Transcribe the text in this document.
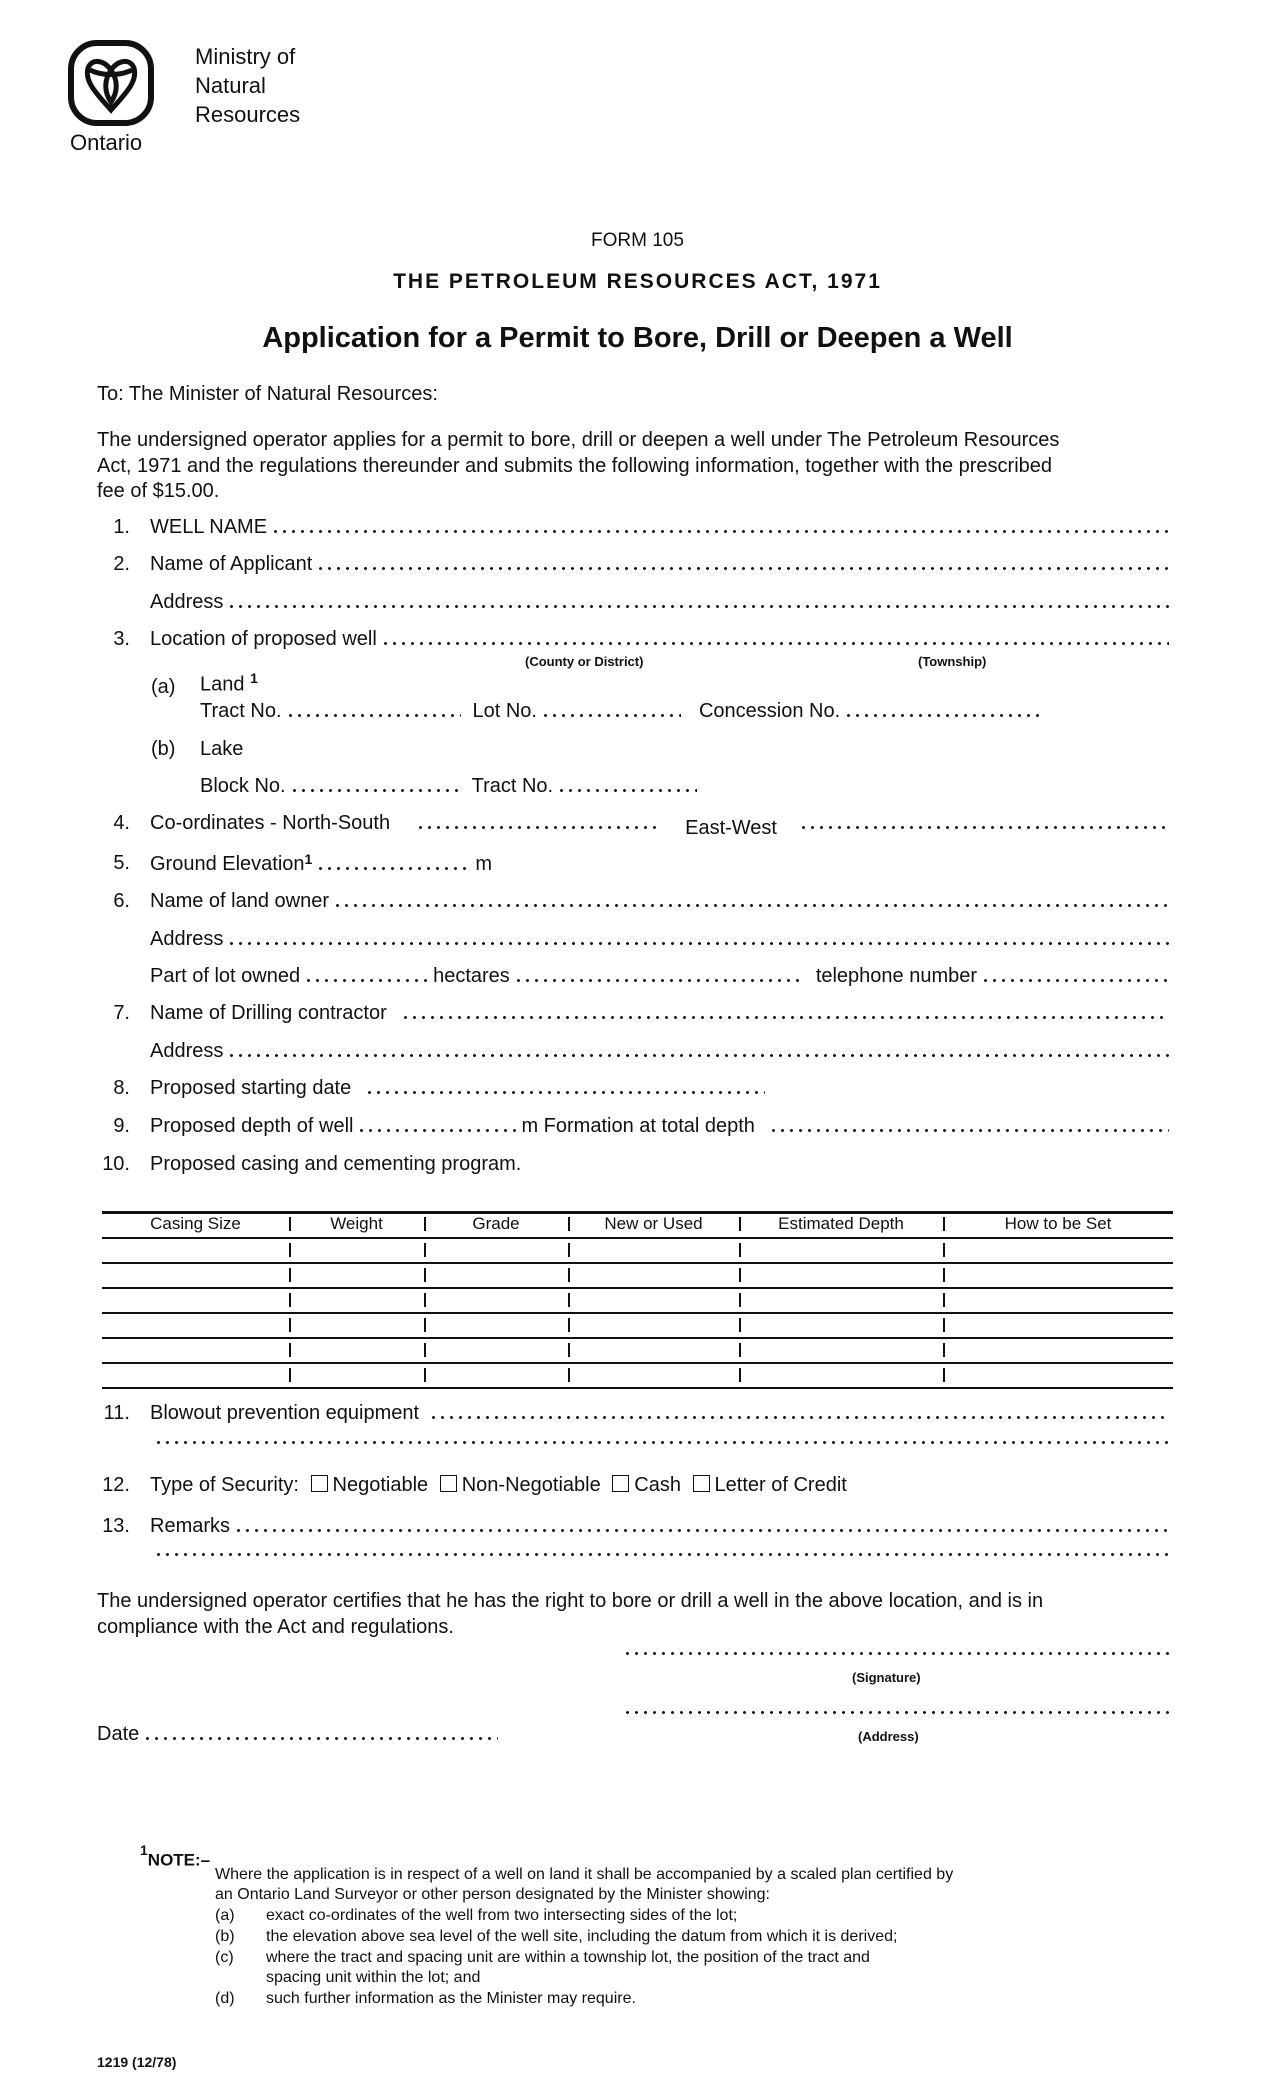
Ministry of
Natural
Resources
Ontario
FORM 105
THE PETROLEUM RESOURCES ACT, 1971
Application for a Permit to Bore, Drill or Deepen a Well
To: The Minister of Natural Resources:
The undersigned operator applies for a permit to bore, drill or deepen a well under The Petroleum Resources
Act, 1971 and the regulations thereunder and submits the following information, together with the prescribed
fee of $15.00.
1. WELL NAME
2. Name of Applicant
Address
3. Location of proposed well
(County or District)	(Township)
(a) Land $^1$
Tract No.	Lot No.	Concession No.
(b) Lake
Block No.	Tract No.
4. Co-ordinates - North-South	East-West
5. Ground Elevation$^1$	m
6. Name of land owner
Address
Part of lot owned	hectares	telephone number
7. Name of Drilling contractor
Address
8. Proposed starting date
9. Proposed depth of well	m Formation at total depth
10. Proposed casing and cementing program.
Casing Size	Weight	Grade	New or Used	Estimated Depth	How to be Set
11. Blowout prevention equipment
12. Type of Security: Negotiable Non-Negotiable Cash Letter of Credit
13. Remarks
The undersigned operator certifies that he has the right to bore or drill a well in the above location, and is in
compliance with the Act and regulations.
(Signature)
(Address)
Date
$^1$NOTE:–
Where the application is in respect of a well on land it shall be accompanied by a scaled plan certified by
an Ontario Land Surveyor or other person designated by the Minister showing:
(a) exact co-ordinates of the well from two intersecting sides of the lot;
(b) the elevation above sea level of the well site, including the datum from which it is derived;
(c) where the tract and spacing unit are within a township lot, the position of the tract and
spacing unit within the lot; and
(d) such further information as the Minister may require.
1219 (12/78)
